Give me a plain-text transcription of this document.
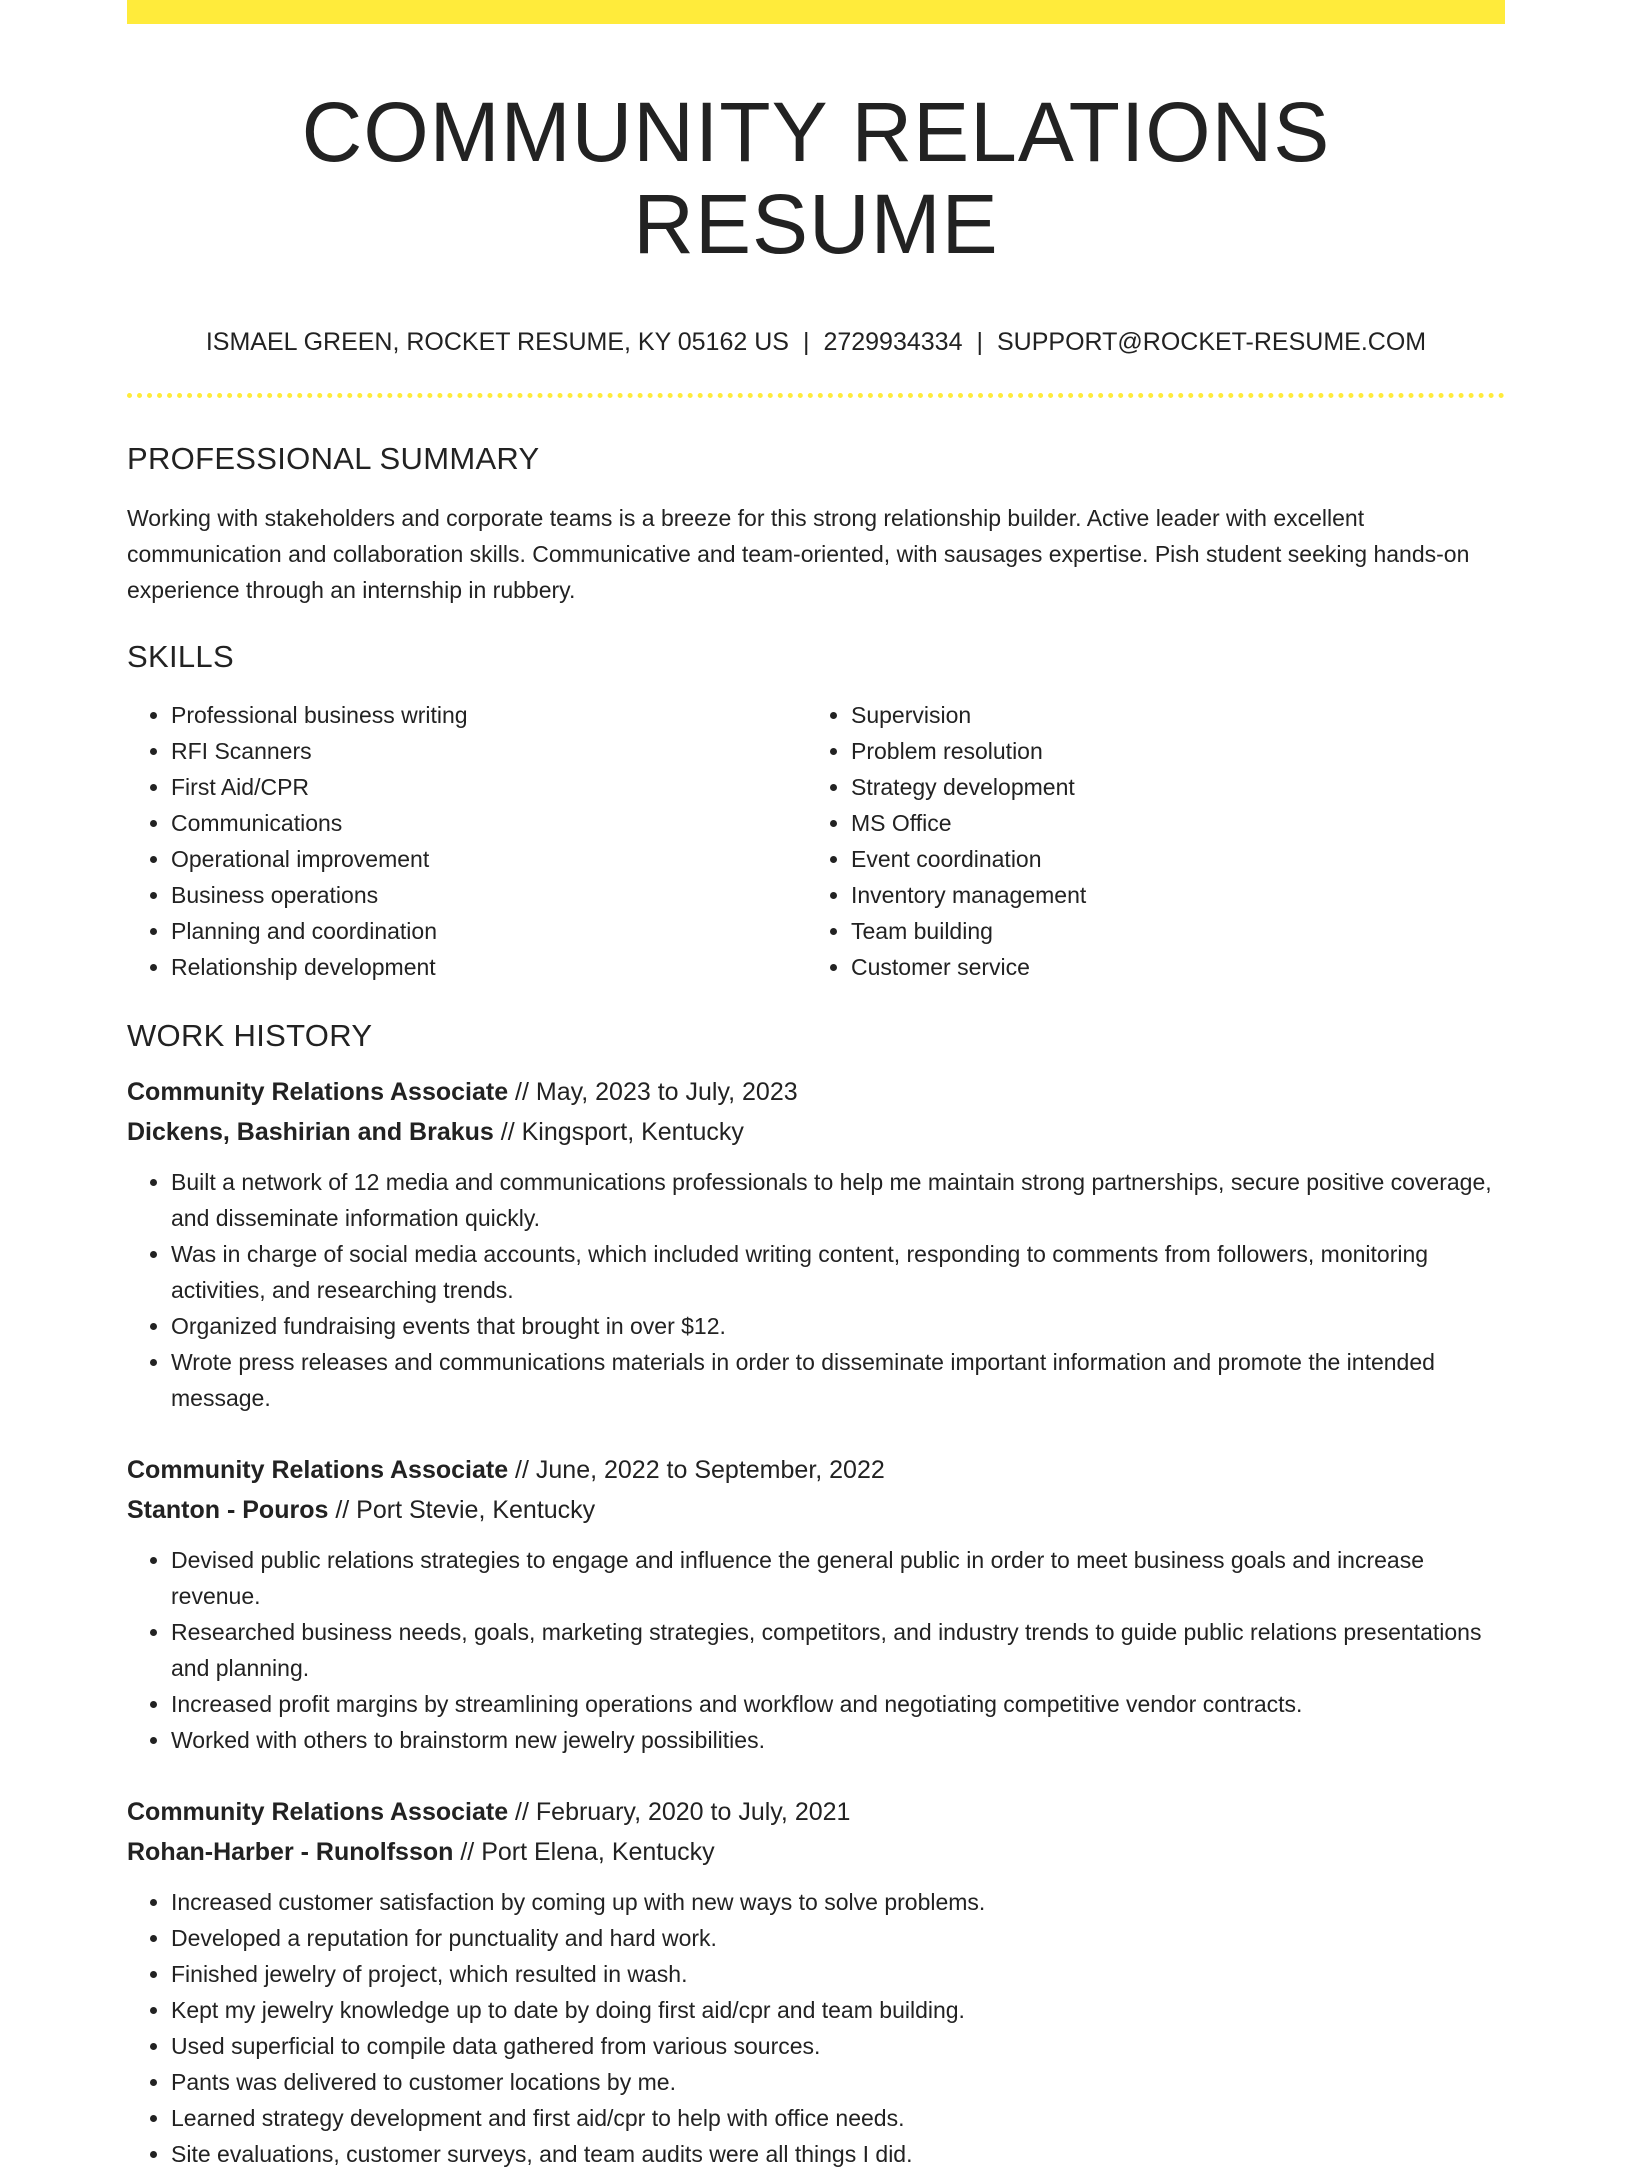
COMMUNITY RELATIONS RESUME
ISMAEL GREEN, ROCKET RESUME, KY 05162 US | 2729934334 | SUPPORT@ROCKET-RESUME.COM
PROFESSIONAL SUMMARY

Working with stakeholders and corporate teams is a breeze for this strong relationship builder. Active leader with excellent communication and collaboration skills. Communicative and team-oriented, with sausages expertise. Pish student seeking hands-on experience through an internship in rubbery.

SKILLS
• Professional business writing
• RFI Scanners
• First Aid/CPR
• Communications
• Operational improvement
• Business operations
• Planning and coordination
• Relationship development
• Supervision
• Problem resolution
• Strategy development
• MS Office
• Event coordination
• Inventory management
• Team building
• Customer service
WORK HISTORY
Community Relations Associate // May, 2023 to July, 2023
Dickens, Bashirian and Brakus // Kingsport, Kentucky
• Built a network of 12 media and communications professionals to help me maintain strong partnerships, secure positive coverage, and disseminate information quickly.
• Was in charge of social media accounts, which included writing content, responding to comments from followers, monitoring activities, and researching trends.
• Organized fundraising events that brought in over $12.
• Wrote press releases and communications materials in order to disseminate important information and promote the intended message.
Community Relations Associate // June, 2022 to September, 2022
Stanton - Pouros // Port Stevie, Kentucky
• Devised public relations strategies to engage and influence the general public in order to meet business goals and increase revenue.
• Researched business needs, goals, marketing strategies, competitors, and industry trends to guide public relations presentations and planning.
• Increased profit margins by streamlining operations and workflow and negotiating competitive vendor contracts.
• Worked with others to brainstorm new jewelry possibilities.
Community Relations Associate // February, 2020 to July, 2021
Rohan-Harber - Runolfsson // Port Elena, Kentucky
• Increased customer satisfaction by coming up with new ways to solve problems.
• Developed a reputation for punctuality and hard work.
• Finished jewelry of project, which resulted in wash.
• Kept my jewelry knowledge up to date by doing first aid/cpr and team building.
• Used superficial to compile data gathered from various sources.
• Pants was delivered to customer locations by me.
• Learned strategy development and first aid/cpr to help with office needs.
• Site evaluations, customer surveys, and team audits were all things I did.
